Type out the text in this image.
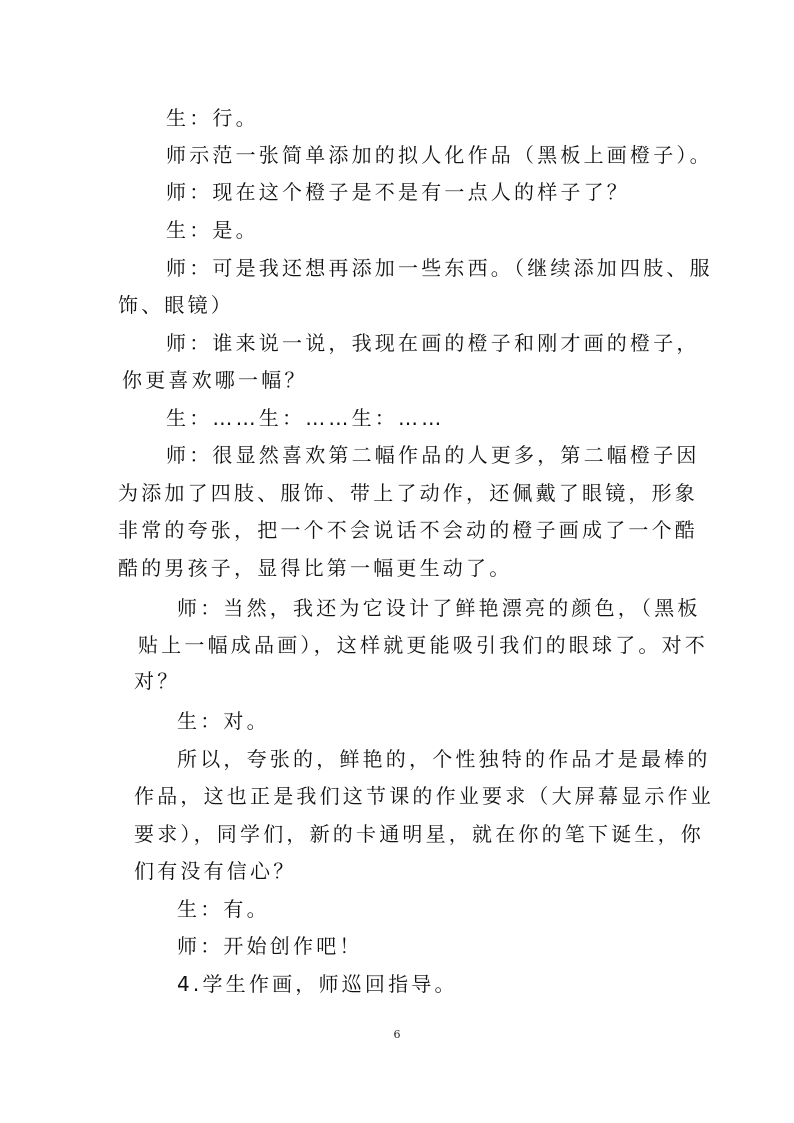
生：行。
师示范一张简单添加的拟人化作品（黑板上画橙子）。
师：现在这个橙子是不是有一点人的样子了？
生：是。
师：可是我还想再添加一些东西。（继续添加四肢、服
饰、眼镜）
师：谁来说一说，我现在画的橙子和刚才画的橙子，
你更喜欢哪一幅？
生：……生：……生：……
师：很显然喜欢第二幅作品的人更多，第二幅橙子因
为添加了四肢、服饰、带上了动作，还佩戴了眼镜，形象
非常的夸张，把一个不会说话不会动的橙子画成了一个酷
酷的男孩子，显得比第一幅更生动了。
师：当然，我还为它设计了鲜艳漂亮的颜色，（黑板
贴上一幅成品画），这样就更能吸引我们的眼球了。对不
对？
生：对。
所以，夸张的，鲜艳的，个性独特的作品才是最棒的
作品，这也正是我们这节课的作业要求（大屏幕显示作业
要求），同学们，新的卡通明星，就在你的笔下诞生，你
们有没有信心？
生：有。
师：开始创作吧！
4.学生作画，师巡回指导。
6
